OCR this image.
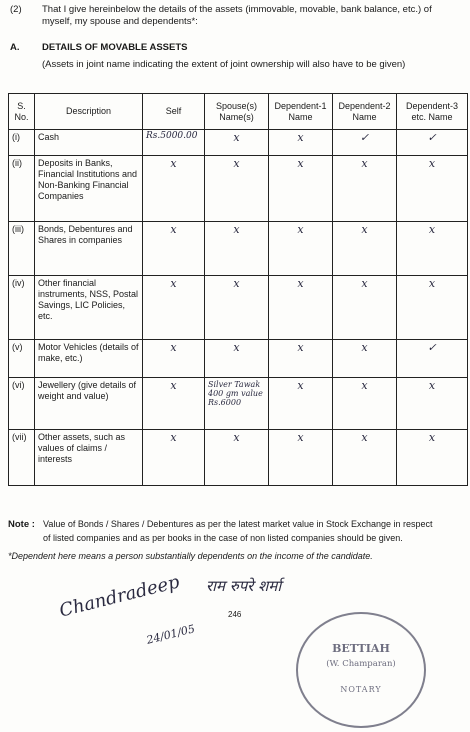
(2) That I give hereinbelow the details of the assets (immovable, movable, bank balance, etc.) of
myself, my spouse and dependents*:
A. DETAILS OF MOVABLE ASSETS
(Assets in joint name indicating the extent of joint ownership will also have to be given)
S. No.	Description	Self	Spouse(s) Name(s)	Dependent-1 Name	Dependent-2 Name	Dependent-3 etc. Name
(i)	Cash	Rs.5000.00	x	x	✓	✓
(ii)	Deposits in Banks, Financial Institutions and Non-Banking Financial Companies	x	x	x	x	x
(iii)	Bonds, Debentures and Shares in companies	x	x	x	x	x
(iv)	Other financial instruments, NSS, Postal Savings, LIC Policies, etc.	x	x	x	x	x
(v)	Motor Vehicles (details of make, etc.)	x	x	x	x	✓
(vi)	Jewellery (give details of weight and value)	x	Silver Tawak 400 gm value Rs.6000	x	x	x
(vii)	Other assets, such as values of claims / interests	x	x	x	x	x
Note : Value of Bonds / Shares / Debentures as per the latest market value in Stock Exchange in respect
of listed companies and as per books in the case of non listed companies should be given.
*Dependent here means a person substantially dependents on the income of the candidate.
Chandradeep
24/01/05
246
राम रुपरे शर्मा
BETTIAH
(W. Champaran)
NOTARY
